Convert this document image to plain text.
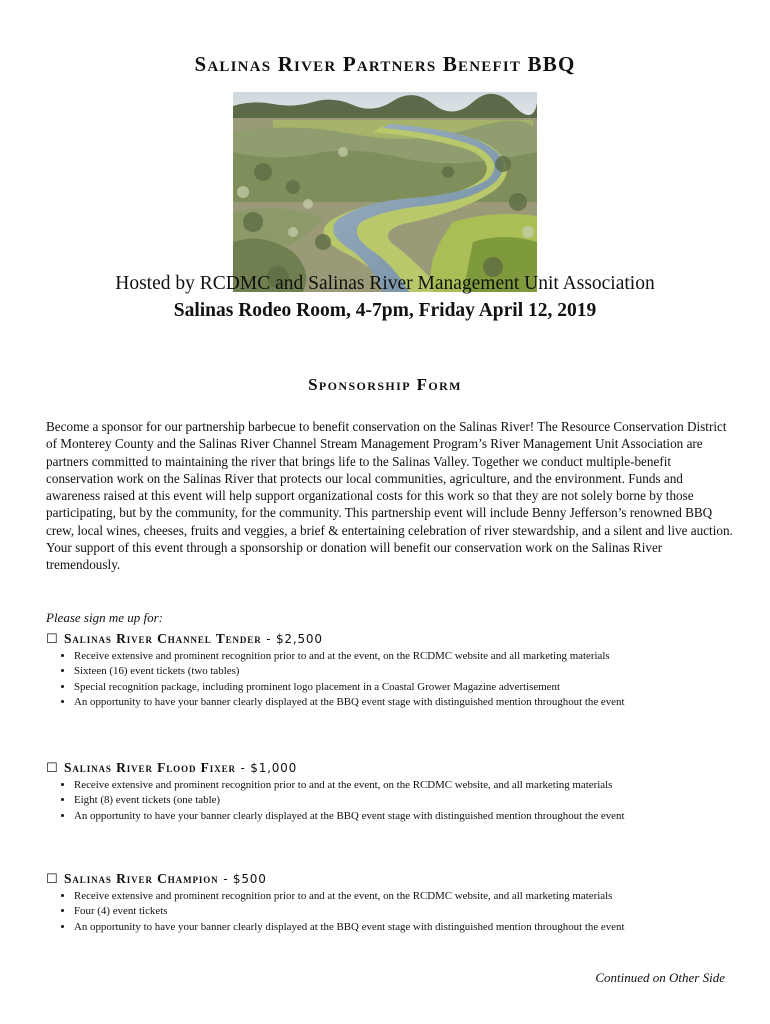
Salinas River Partners Benefit BBQ
Hosted by RCDMC and Salinas River Management Unit Association
Salinas Rodeo Room, 4-7pm, Friday April 12, 2019
Sponsorship Form

Become a sponsor for our partnership barbecue to benefit conservation on the Salinas River! The Resource Conservation District of Monterey County and the Salinas River Channel Stream Management Program’s River Management Unit Association are partners committed to maintaining the river that brings life to the Salinas Valley. Together we conduct multiple-benefit conservation work on the Salinas River that protects our local communities, agriculture, and the environment. Funds and awareness raised at this event will help support organizational costs for this work so that they are not solely borne by those participating, but by the community, for the community. This partnership event will include Benny Jefferson’s renowned BBQ crew, local wines, cheeses, fruits and veggies, a brief & entertaining celebration of river stewardship, and a silent and live auction. Your support of this event through a sponsorship or donation will benefit our conservation work on the Salinas River tremendously.

Please sign me up for:
☐ Salinas River Channel Tender - $2,500
• Receive extensive and prominent recognition prior to and at the event, on the RCDMC website and all marketing materials
• Sixteen (16) event tickets (two tables)
• Special recognition package, including prominent logo placement in a Coastal Grower Magazine advertisement
• An opportunity to have your banner clearly displayed at the BBQ event stage with distinguished mention throughout the event
☐ Salinas River Flood Fixer - $1,000
• Receive extensive and prominent recognition prior to and at the event, on the RCDMC website, and all marketing materials
• Eight (8) event tickets (one table)
• An opportunity to have your banner clearly displayed at the BBQ event stage with distinguished mention throughout the event
☐ Salinas River Champion - $500
• Receive extensive and prominent recognition prior to and at the event, on the RCDMC website, and all marketing materials
• Four (4) event tickets
• An opportunity to have your banner clearly displayed at the BBQ event stage with distinguished mention throughout the event
Continued on Other Side
